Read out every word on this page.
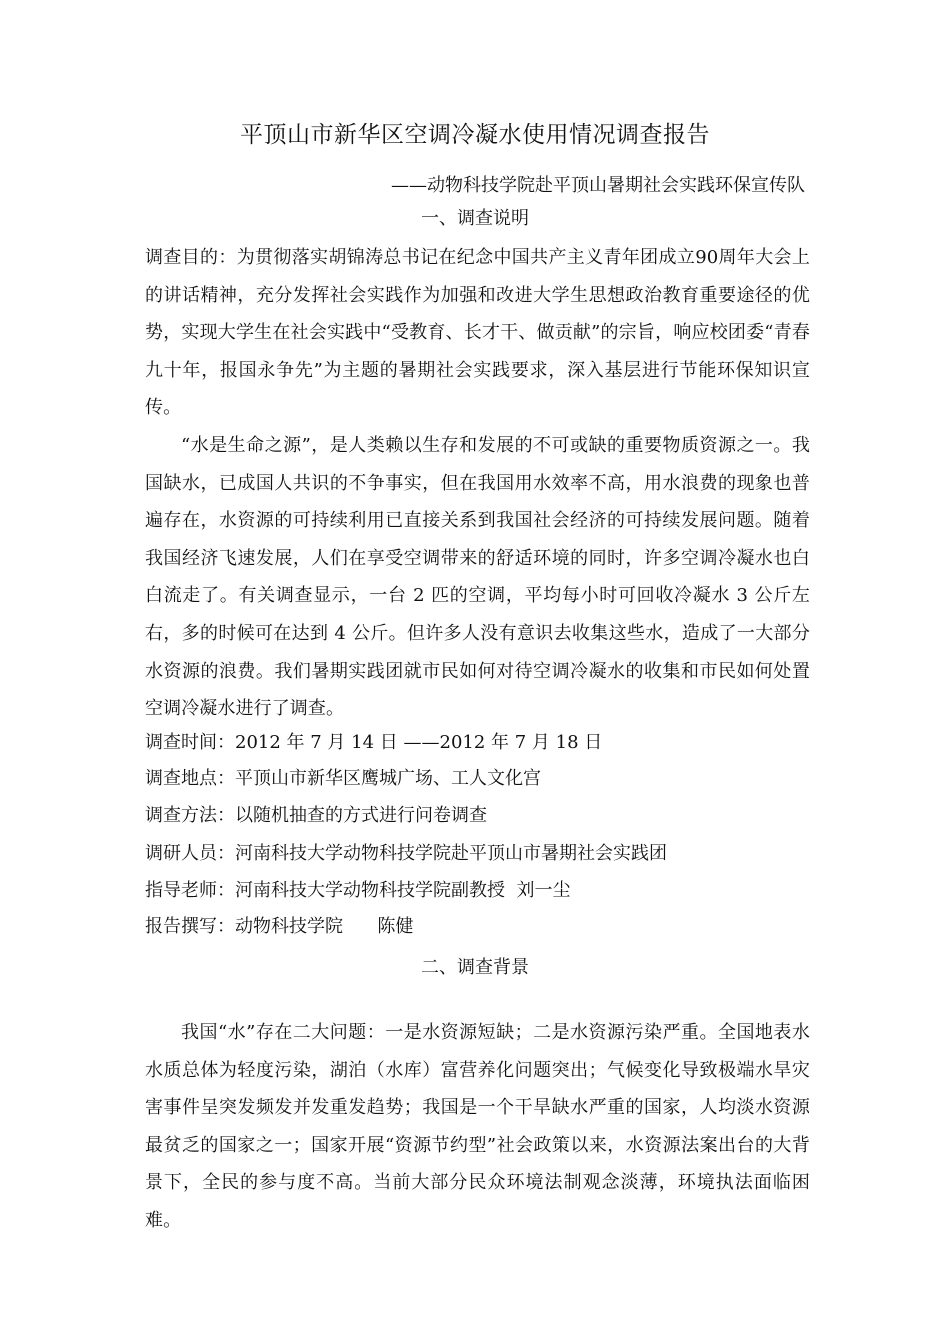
平顶山市新华区空调冷凝水使用情况调查报告
——动物科技学院赴平顶山暑期社会实践环保宣传队
一、调查说明
调查目的：为贯彻落实胡锦涛总书记在纪念中国共产主义青年团成立90周年大会上的讲话精神，充分发挥社会实践作为加强和改进大学生思想政治教育重要途径的优势，实现大学生在社会实践中“受教育、长才干、做贡献”的宗旨，响应校团委“青春九十年，报国永争先”为主题的暑期社会实践要求，深入基层进行节能环保知识宣传。
“水是生命之源”，是人类赖以生存和发展的不可或缺的重要物质资源之一。我国缺水，已成国人共识的不争事实，但在我国用水效率不高，用水浪费的现象也普遍存在，水资源的可持续利用已直接关系到我国社会经济的可持续发展问题。随着我国经济飞速发展，人们在享受空调带来的舒适环境的同时，许多空调冷凝水也白白流走了。有关调查显示，一台 2 匹的空调，平均每小时可回收冷凝水 3 公斤左右，多的时候可在达到 4 公斤。但许多人没有意识去收集这些水，造成了一大部分水资源的浪费。我们暑期实践团就市民如何对待空调冷凝水的收集和市民如何处置空调冷凝水进行了调查。
调查时间：2012 年 7 月 14 日 ——2012 年 7 月 18 日
调查地点：平顶山市新华区鹰城广场、工人文化宫
调查方法：以随机抽查的方式进行问卷调查
调研人员：河南科技大学动物科技学院赴平顶山市暑期社会实践团
指导老师：河南科技大学动物科技学院副教授  刘一尘
报告撰写：动物科技学院      陈健
二、调查背景
我国“水”存在二大问题：一是水资源短缺；二是水资源污染严重。全国地表水水质总体为轻度污染，湖泊（水库）富营养化问题突出；气候变化导致极端水旱灾害事件呈突发频发并发重发趋势；我国是一个干旱缺水严重的国家，人均淡水资源最贫乏的国家之一；国家开展“资源节约型”社会政策以来，水资源法案出台的大背景下，全民的参与度不高。当前大部分民众环境法制观念淡薄，环境执法面临困难。
